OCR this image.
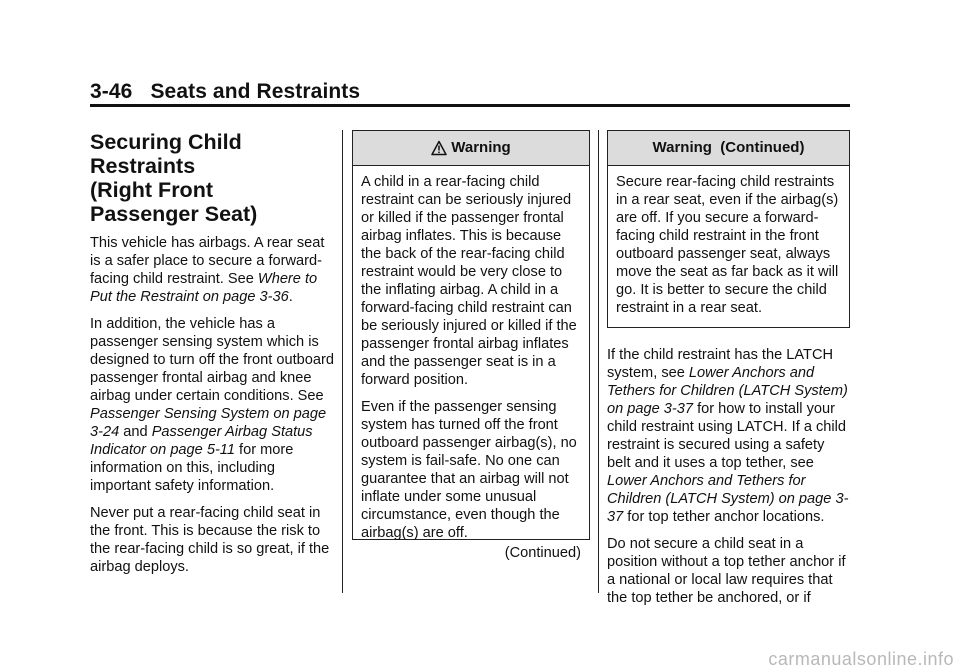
3-46 Seats and Restraints
Securing Child Restraints
(Right Front
Passenger Seat)

This vehicle has airbags. A rear seat is a safer place to secure a forward-facing child restraint. See Where to Put the Restraint on page 3-36.

In addition, the vehicle has a passenger sensing system which is designed to turn off the front outboard passenger frontal airbag and knee airbag under certain conditions. See Passenger Sensing System on page 3-24 and Passenger Airbag Status Indicator on page 5-11 for more information on this, including important safety information.

Never put a rear-facing child seat in the front. This is because the risk to the rear-facing child is so great, if the airbag deploys.

Warning

A child in a rear-facing child restraint can be seriously injured or killed if the passenger frontal airbag inflates. This is because the back of the rear-facing child restraint would be very close to the inflating airbag. A child in a forward-facing child restraint can be seriously injured or killed if the passenger frontal airbag inflates and the passenger seat is in a forward position.

Even if the passenger sensing system has turned off the front outboard passenger airbag(s), no system is fail-safe. No one can guarantee that an airbag will not inflate under some unusual circumstance, even though the airbag(s) are off.

(Continued)

Warning  (Continued)

Secure rear-facing child restraints in a rear seat, even if the airbag(s) are off. If you secure a forward-facing child restraint in the front outboard passenger seat, always move the seat as far back as it will go. It is better to secure the child restraint in a rear seat.

If the child restraint has the LATCH system, see Lower Anchors and Tethers for Children (LATCH System) on page 3-37 for how to install your child restraint using LATCH. If a child restraint is secured using a safety belt and it uses a top tether, see Lower Anchors and Tethers for Children (LATCH System) on page 3-37 for top tether anchor locations.

Do not secure a child seat in a position without a top tether anchor if a national or local law requires that the top tether be anchored, or if

carmanualsonline.info
